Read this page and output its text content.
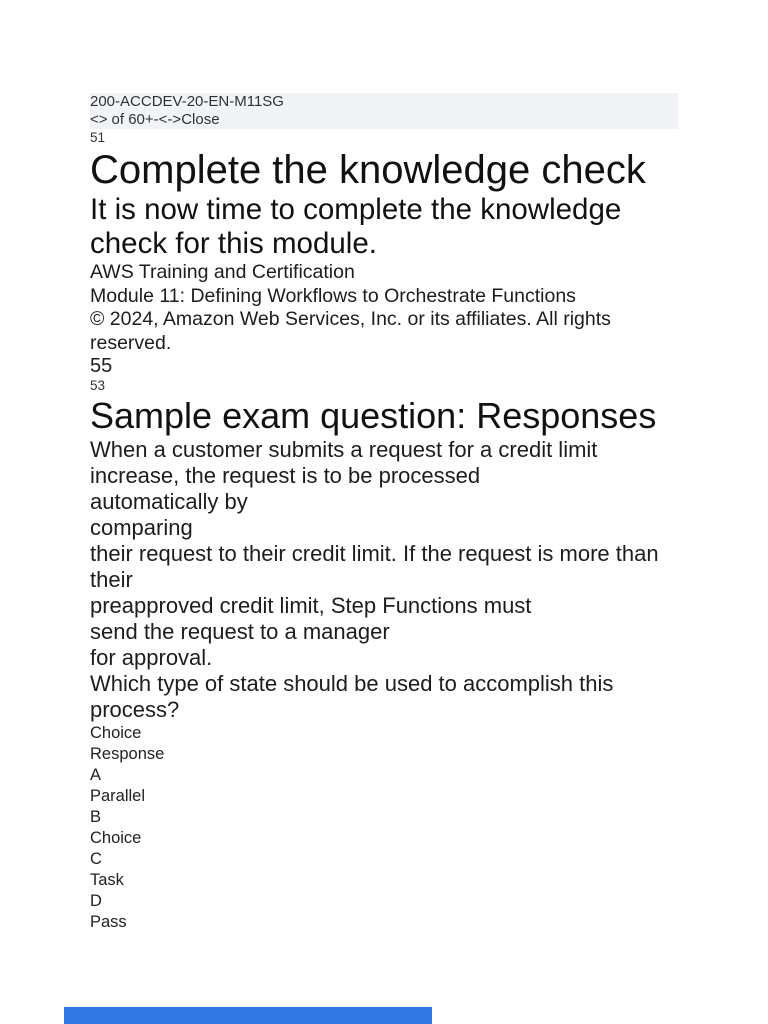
200-ACCDEV-20-EN-M11SG
<> of 60+-<->Close
51
Complete the knowledge check
It is now time to complete the knowledge
check for this module.
AWS Training and Certification
Module 11: Defining Workflows to Orchestrate Functions
© 2024, Amazon Web Services, Inc. or its affiliates. All rights
reserved.
55
53
Sample exam question: Responses
When a customer submits a request for a credit limit
increase, the request is to be processed
automatically by
comparing
their request to their credit limit. If the request is more than
their
preapproved credit limit, Step Functions must
send the request to a manager
for approval.
Which type of state should be used to accomplish this
process?
Choice
Response
A
Parallel
B
Choice
C
Task
D
Pass
